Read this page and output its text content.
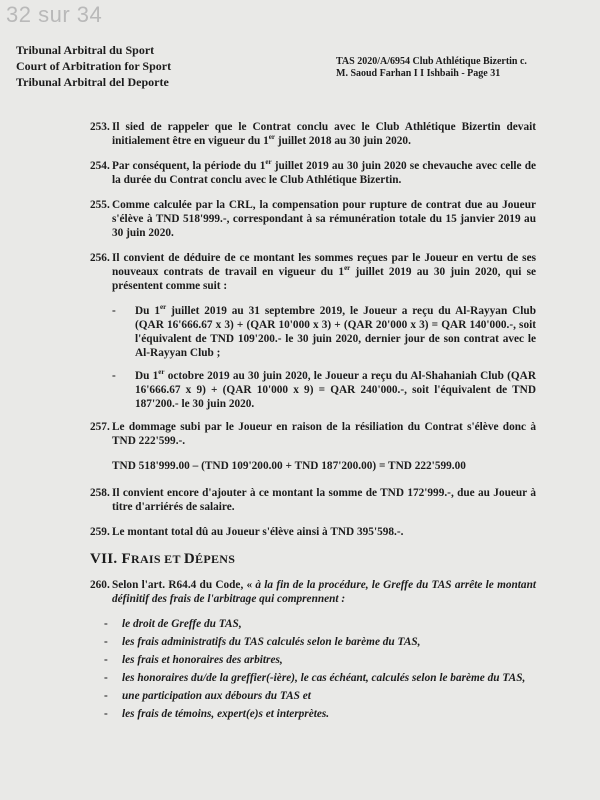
32 sur 34
Tribunal Arbitral du Sport
Court of Arbitration for Sport
Tribunal Arbitral del Deporte
TAS 2020/A/6954 Club Athlétique Bizertin c.
M. Saoud Farhan I I Ishbaih - Page 31
253. Il sied de rappeler que le Contrat conclu avec le Club Athlétique Bizertin devait initialement être en vigueur du 1er juillet 2018 au 30 juin 2020.
254. Par conséquent, la période du 1er juillet 2019 au 30 juin 2020 se chevauche avec celle de la durée du Contrat conclu avec le Club Athlétique Bizertin.
255. Comme calculée par la CRL, la compensation pour rupture de contrat due au Joueur s'élève à TND 518'999.-, correspondant à sa rémunération totale du 15 janvier 2019 au 30 juin 2020.
256. Il convient de déduire de ce montant les sommes reçues par le Joueur en vertu de ses nouveaux contrats de travail en vigueur du 1er juillet 2019 au 30 juin 2020, qui se présentent comme suit :
- Du 1er juillet 2019 au 31 septembre 2019, le Joueur a reçu du Al-Rayyan Club (QAR 16'666.67 x 3) + (QAR 10'000 x 3) + (QAR 20'000 x 3) = QAR 140'000.-, soit l'équivalent de TND 109'200.- le 30 juin 2020, dernier jour de son contrat avec le Al-Rayyan Club ;
- Du 1er octobre 2019 au 30 juin 2020, le Joueur a reçu du Al-Shahaniah Club (QAR 16'666.67 x 9) + (QAR 10'000 x 9) = QAR 240'000.-, soit l'équivalent de TND 187'200.- le 30 juin 2020.
257. Le dommage subi par le Joueur en raison de la résiliation du Contrat s'élève donc à TND 222'599.-.
TND 518'999.00 – (TND 109'200.00 + TND 187'200.00) = TND 222'599.00
258. Il convient encore d'ajouter à ce montant la somme de TND 172'999.-, due au Joueur à titre d'arriérés de salaire.
259. Le montant total dû au Joueur s'élève ainsi à TND 395'598.-.
VII. FRAIS ET DÉPENS
260. Selon l'art. R64.4 du Code, « à la fin de la procédure, le Greffe du TAS arrête le montant définitif des frais de l'arbitrage qui comprennent :
- le droit de Greffe du TAS,
- les frais administratifs du TAS calculés selon le barème du TAS,
- les frais et honoraires des arbitres,
- les honoraires du/de la greffier(-ière), le cas échéant, calculés selon le barème du TAS,
- une participation aux débours du TAS et
- les frais de témoins, expert(e)s et interprètes.
